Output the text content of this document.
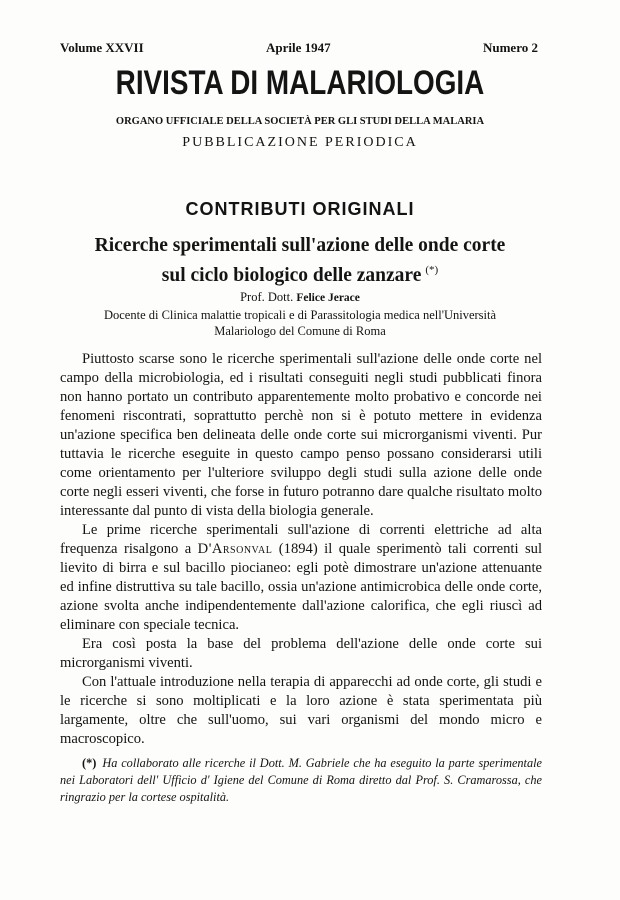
Volume XXVII	Aprile 1947	Numero 2
RIVISTA DI MALARIOLOGIA
ORGANO UFFICIALE DELLA SOCIETÀ PER GLI STUDI DELLA MALARIA
PUBBLICAZIONE PERIODICA
CONTRIBUTI ORIGINALI
Ricerche sperimentali sull'azione delle onde corte
sul ciclo biologico delle zanzare (*)
Prof. Dott. Felice Jerace
Docente di Clinica malattie tropicali e di Parassitologia medica nell'Università
Malariologo del Comune di Roma

Piuttosto scarse sono le ricerche sperimentali sull'azione delle onde corte nel campo della microbiologia, ed i risultati conseguiti negli studi pubblicati finora non hanno portato un contributo apparentemente molto probativo e concorde nei fenomeni riscontrati, soprattutto perchè non si è potuto mettere in evidenza un'azione specifica ben delineata delle onde corte sui microrganismi viventi. Pur tuttavia le ricerche eseguite in questo campo penso possano considerarsi utili come orientamento per l'ulteriore sviluppo degli studi sulla azione delle onde corte negli esseri viventi, che forse in futuro potranno dare qualche risultato molto interessante dal punto di vista della biologia generale.

Le prime ricerche sperimentali sull'azione di correnti elettriche ad alta frequenza risalgono a D'Arsonval (1894) il quale sperimentò tali correnti sul lievito di birra e sul bacillo piocianeo: egli potè dimostrare un'azione attenuante ed infine distruttiva su tale bacillo, ossia un'azione antimicrobica delle onde corte, azione svolta anche indipendentemente dall'azione calorifica, che egli riuscì ad eliminare con speciale tecnica.

Era così posta la base del problema dell'azione delle onde corte sui microrganismi viventi.

Con l'attuale introduzione nella terapia di apparecchi ad onde corte, gli studi e le ricerche si sono moltiplicati e la loro azione è stata sperimentata più largamente, oltre che sull'uomo, sui vari organismi del mondo micro e macroscopico.

(*) Ha collaborato alle ricerche il Dott. M. Gabriele che ha eseguito la parte sperimentale nei Laboratori dell' Ufficio d' Igiene del Comune di Roma diretto dal Prof. S. Cramarossa, che ringrazio per la cortese ospitalità.
